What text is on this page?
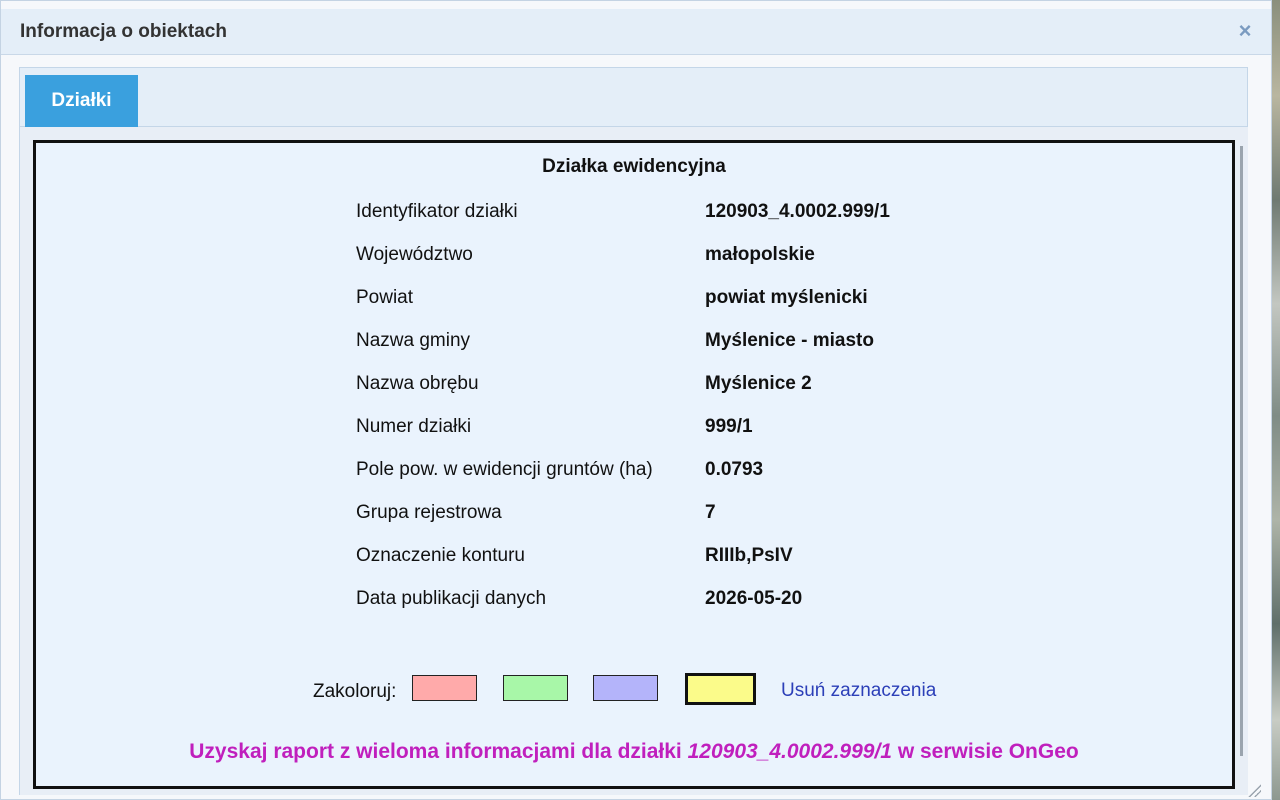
Informacja o obiektach	×
Działki
Działka ewidencyjna
Identyfikator działki	120903_4.0002.999/1
Województwo	małopolskie
Powiat	powiat myślenicki
Nazwa gminy	Myślenice - miasto
Nazwa obrębu	Myślenice 2
Numer działki	999/1
Pole pow. w ewidencji gruntów (ha)	0.0793
Grupa rejestrowa	7
Oznaczenie konturu	RIIIb,PsIV
Data publikacji danych	2026-05-20
Zakoloruj:	Usuń zaznaczenia
Uzyskaj raport z wieloma informacjami dla działki 120903_4.0002.999/1 w serwisie OnGeo
